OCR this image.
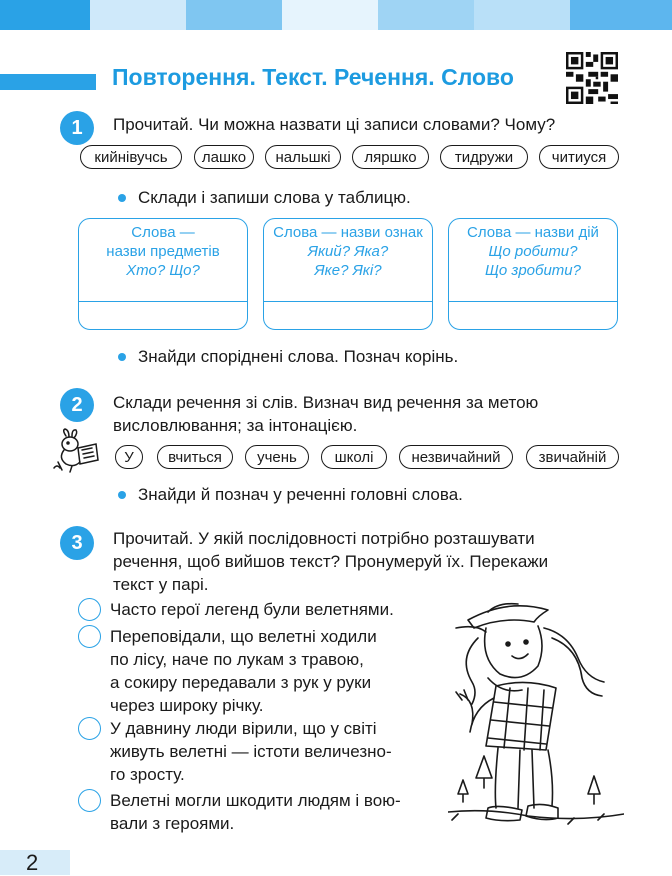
Повторення. Текст. Речення. Слово
1	Прочитай. Чи можна назвати ці записи словами? Чому?
кийнівучсь	лашко	нальшкі	ляршко	тидружи	читиуся
Склади і запиши слова у таблицю.
Слова —
назви предметів
Хто? Що?
Слова — назви ознак
Який? Яка?
Яке? Які?
Слова — назви дій
Що робити?
Що зробити?
Знайди споріднені слова. Познач корінь.
2	Склади речення зі слів. Визнач вид речення за метою
висловлювання; за інтонацією.
У	вчиться	учень	школі	незвичайний	звичайній
Знайди й познач у реченні головні слова.
3	Прочитай. У якій послідовності потрібно розташувати
речення, щоб вийшов текст? Пронумеруй їх. Перекажи
текст у парі.
Часто герої легенд були велетнями.
Переповідали, що велетні ходили
по лісу, наче по лукам з травою,
а сокиру передавали з рук у руки
через широку річку.
У давнину люди вірили, що у світі
живуть велетні — істоти величезно-
го зросту.
Велетні могли шкодити людям і вою-
вали з героями.
2
